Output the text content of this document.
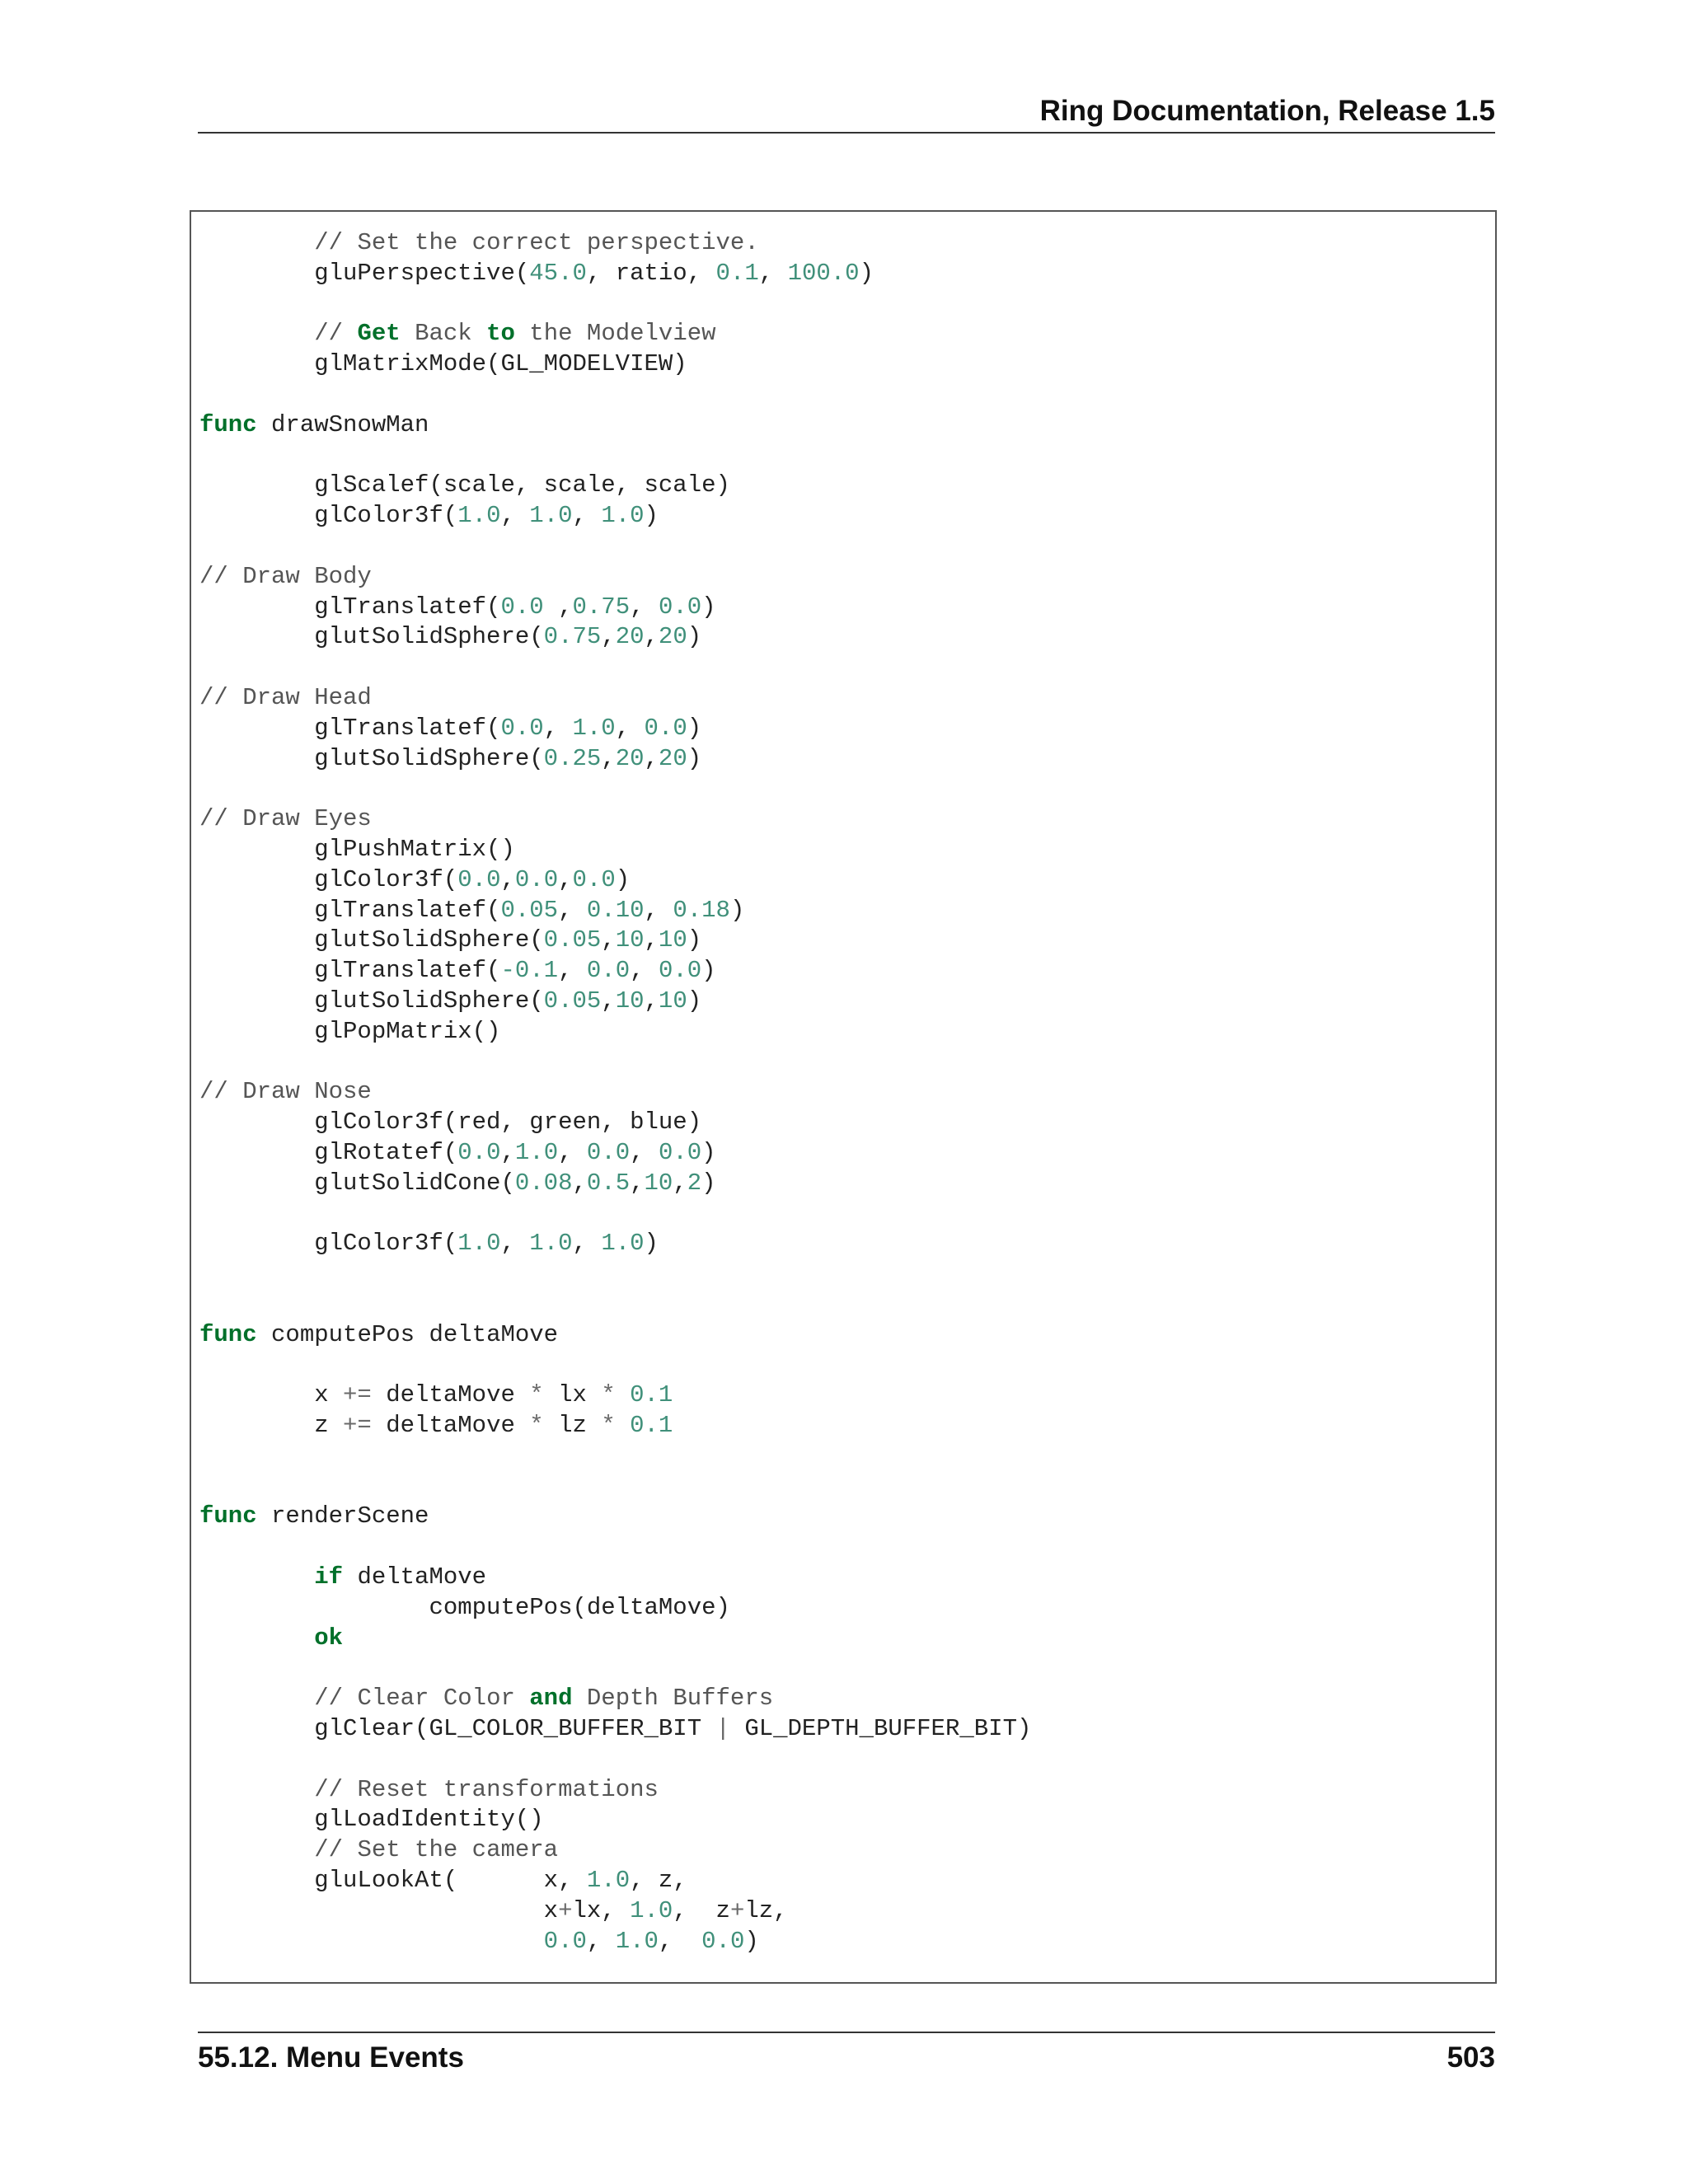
Ring Documentation, Release 1.5
// Set the correct perspective.
gluPerspective(45.0, ratio, 0.1, 100.0)

// Get Back to the Modelview
glMatrixMode(GL_MODELVIEW)

func drawSnowMan

glScalef(scale, scale, scale)
glColor3f(1.0, 1.0, 1.0)

// Draw Body
glTranslatef(0.0 ,0.75, 0.0)
glutSolidSphere(0.75,20,20)

// Draw Head
glTranslatef(0.0, 1.0, 0.0)
glutSolidSphere(0.25,20,20)

// Draw Eyes
glPushMatrix()
glColor3f(0.0,0.0,0.0)
glTranslatef(0.05, 0.10, 0.18)
glutSolidSphere(0.05,10,10)
glTranslatef(-0.1, 0.0, 0.0)
glutSolidSphere(0.05,10,10)
glPopMatrix()

// Draw Nose
glColor3f(red, green, blue)
glRotatef(0.0,1.0, 0.0, 0.0)
glutSolidCone(0.08,0.5,10,2)

glColor3f(1.0, 1.0, 1.0)

func computePos deltaMove

x += deltaMove * lx * 0.1
z += deltaMove * lz * 0.1

func renderScene

if deltaMove
computePos(deltaMove)
ok

// Clear Color and Depth Buffers
glClear(GL_COLOR_BUFFER_BIT | GL_DEPTH_BUFFER_BIT)

// Reset transformations
glLoadIdentity()
// Set the camera
gluLookAt(      x, 1.0, z,
x+lx, 1.0,  z+lz,
0.0, 1.0,  0.0)
55.12. Menu Events	503
